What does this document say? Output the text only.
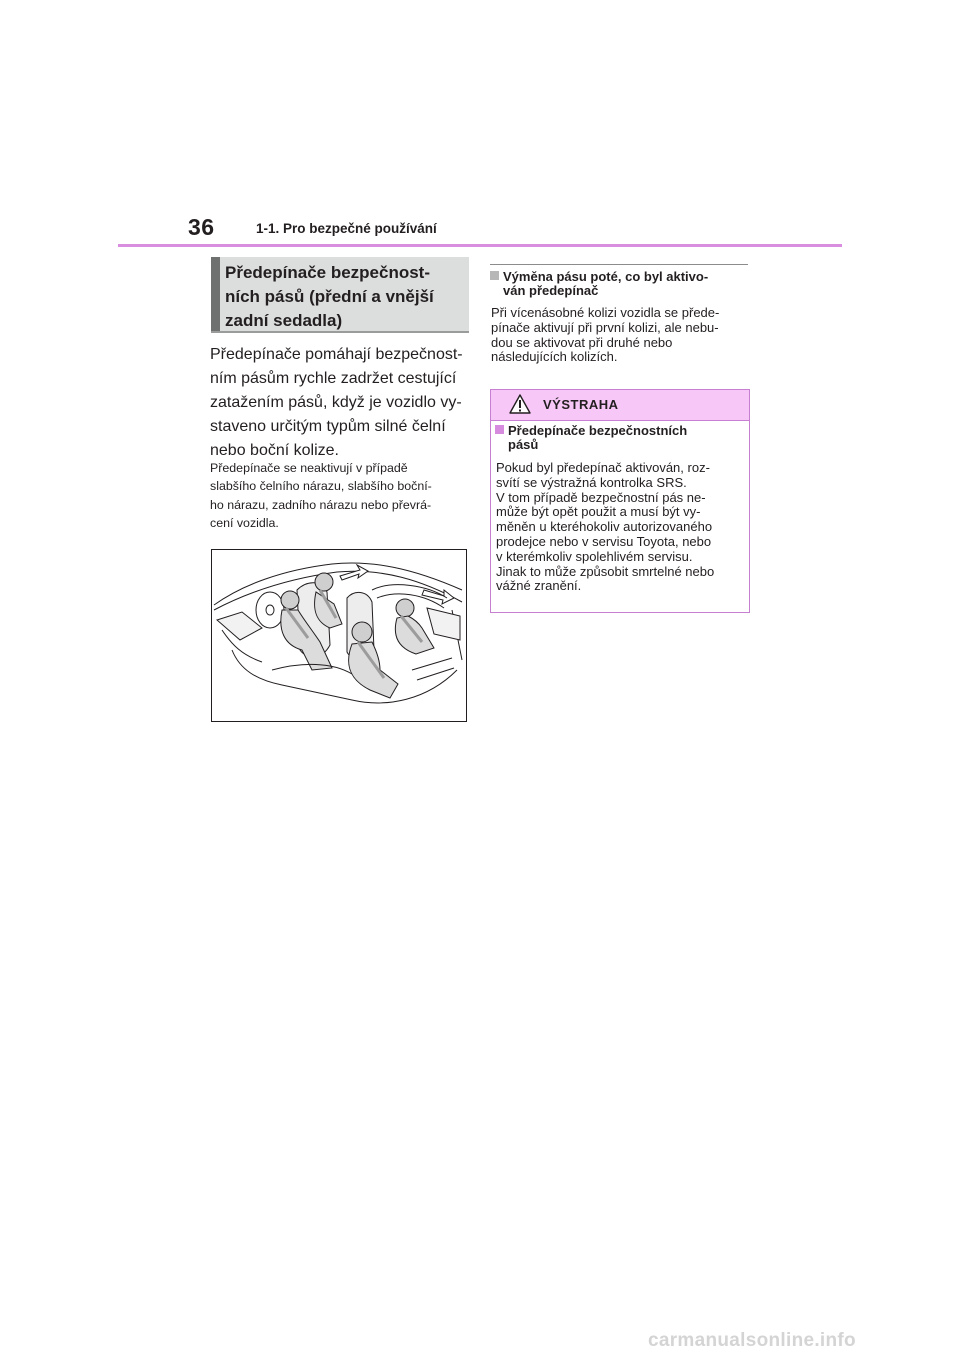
36	1-1. Pro bezpečné používání
Předepínače bezpečnost-
ních pásů (přední a vnější
zadní sedadla)
Předepínače pomáhají bezpečnost-
ním pásům rychle zadržet cestující
zatažením pásů, když je vozidlo vy-
staveno určitým typům silné čelní
nebo boční kolize.
Předepínače se neaktivují v případě
slabšího čelního nárazu, slabšího boční-
ho nárazu, zadního nárazu nebo převrá-
cení vozidla.
Výměna pásu poté, co byl aktivo-
ván předepínač
Při vícenásobné kolizi vozidla se přede-
pínače aktivují při první kolizi, ale nebu-
dou se aktivovat při druhé nebo
následujících kolizích.
VÝSTRAHA
Předepínače bezpečnostních
pásů
Pokud byl předepínač aktivován, roz-
svítí se výstražná kontrolka SRS.
V tom případě bezpečnostní pás ne-
může být opět použit a musí být vy-
měněn u kteréhokoliv autorizovaného
prodejce nebo v servisu Toyota, nebo
v kterémkoliv spolehlivém servisu.
Jinak to může způsobit smrtelné nebo
vážné zranění.
carmanualsonline.info
